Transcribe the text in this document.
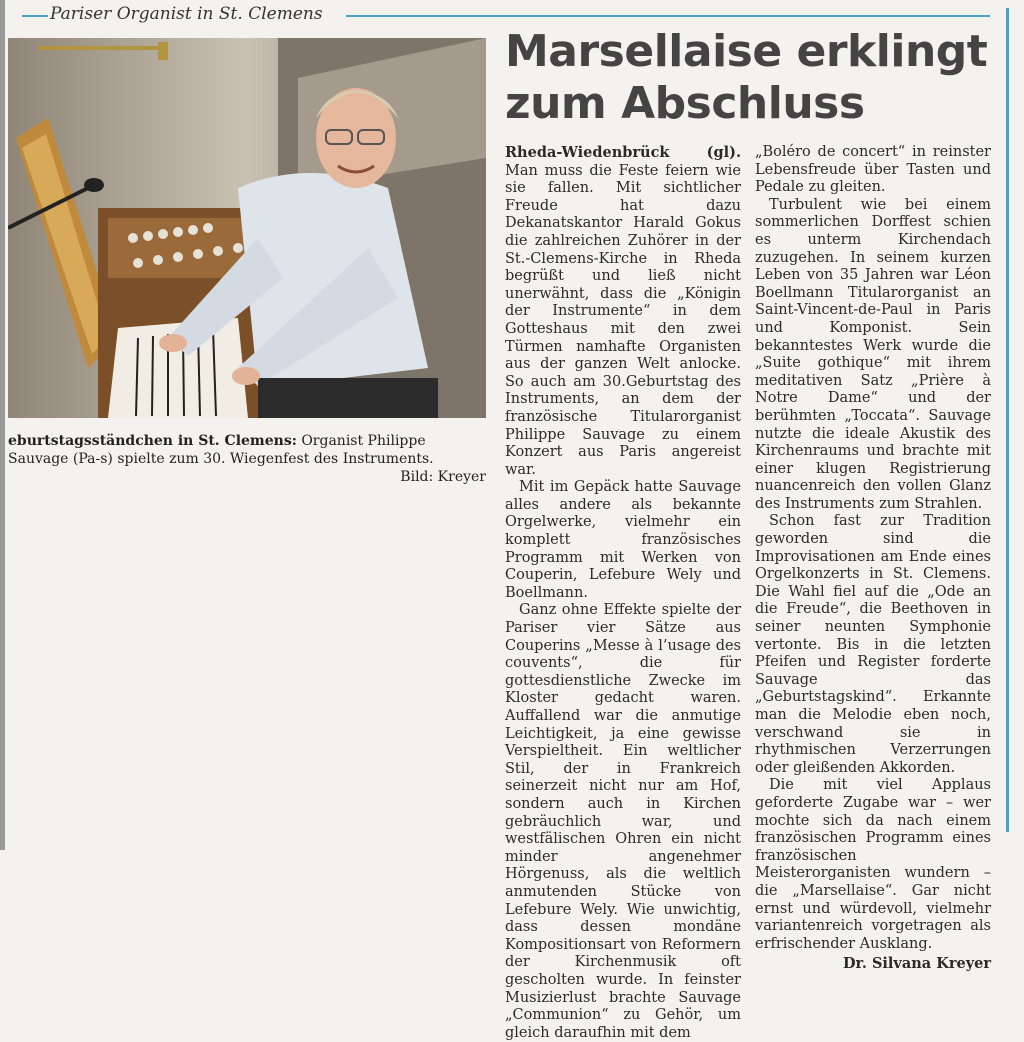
Pariser Organist in St. Clemens
eburtstagsständchen in St. Clemens: Organist Philippe Sauvage (Pa-s) spielte zum 30. Wiegenfest des Instruments.
Bild: Kreyer
Marsellaise erklingt zum Abschluss

Rheda-Wiedenbrück (gl). Man muss die Feste feiern wie sie fallen. Mit sichtlicher Freude hat dazu Dekanatskantor Harald Gokus die zahlreichen Zuhörer in der St.-Clemens-Kirche in Rheda begrüßt und ließ nicht unerwähnt, dass die „Königin der Instrumente“ in dem Gotteshaus mit den zwei Türmen namhafte Organisten aus der ganzen Welt anlocke. So auch am 30.Geburtstag des Instruments, an dem der französische Titularorganist Philippe Sauvage zu einem Konzert aus Paris angereist war.

Mit im Gepäck hatte Sauvage alles andere als bekannte Orgelwerke, vielmehr ein komplett französisches Programm mit Werken von Couperin, Lefebure Wely und Boellmann.

Ganz ohne Effekte spielte der Pariser vier Sätze aus Couperins „Messe à l’usage des couvents“, die für gottesdienstliche Zwecke im Kloster gedacht waren. Auffallend war die anmutige Leichtigkeit, ja eine gewisse Verspieltheit. Ein weltlicher Stil, der in Frankreich seinerzeit nicht nur am Hof, sondern auch in Kirchen gebräuchlich war, und westfälischen Ohren ein nicht minder angenehmer Hörgenuss, als die weltlich anmutenden Stücke von Lefebure Wely. Wie unwichtig, dass dessen mondäne Kompositionsart von Reformern der Kirchenmusik oft gescholten wurde. In feinster Musizierlust brachte Sauvage „Communion“ zu Gehör, um gleich daraufhin mit dem

„Boléro de concert“ in reinster Lebensfreude über Tasten und Pedale zu gleiten.

Turbulent wie bei einem sommerlichen Dorffest schien es unterm Kirchendach zuzugehen. In seinem kurzen Leben von 35 Jahren war Léon Boellmann Titularorganist an Saint-Vincent-de-Paul in Paris und Komponist. Sein bekanntestes Werk wurde die „Suite gothique“ mit ihrem meditativen Satz „Prière à Notre Dame“ und der berühmten „Toccata“. Sauvage nutzte die ideale Akustik des Kirchenraums und brachte mit einer klugen Registrierung nuancenreich den vollen Glanz des Instruments zum Strahlen.

Schon fast zur Tradition geworden sind die Improvisationen am Ende eines Orgelkonzerts in St. Clemens. Die Wahl fiel auf die „Ode an die Freude“, die Beethoven in seiner neunten Symphonie vertonte. Bis in die letzten Pfeifen und Register forderte Sauvage das „Geburtstagskind“. Erkannte man die Melodie eben noch, verschwand sie in rhythmischen Verzerrungen oder gleißenden Akkorden.

Die mit viel Applaus geforderte Zugabe war – wer mochte sich da nach einem französischen Programm eines französischen Meisterorganisten wundern – die „Marsellaise“. Gar nicht ernst und würdevoll, vielmehr variantenreich vorgetragen als erfrischender Ausklang.

Dr. Silvana Kreyer
